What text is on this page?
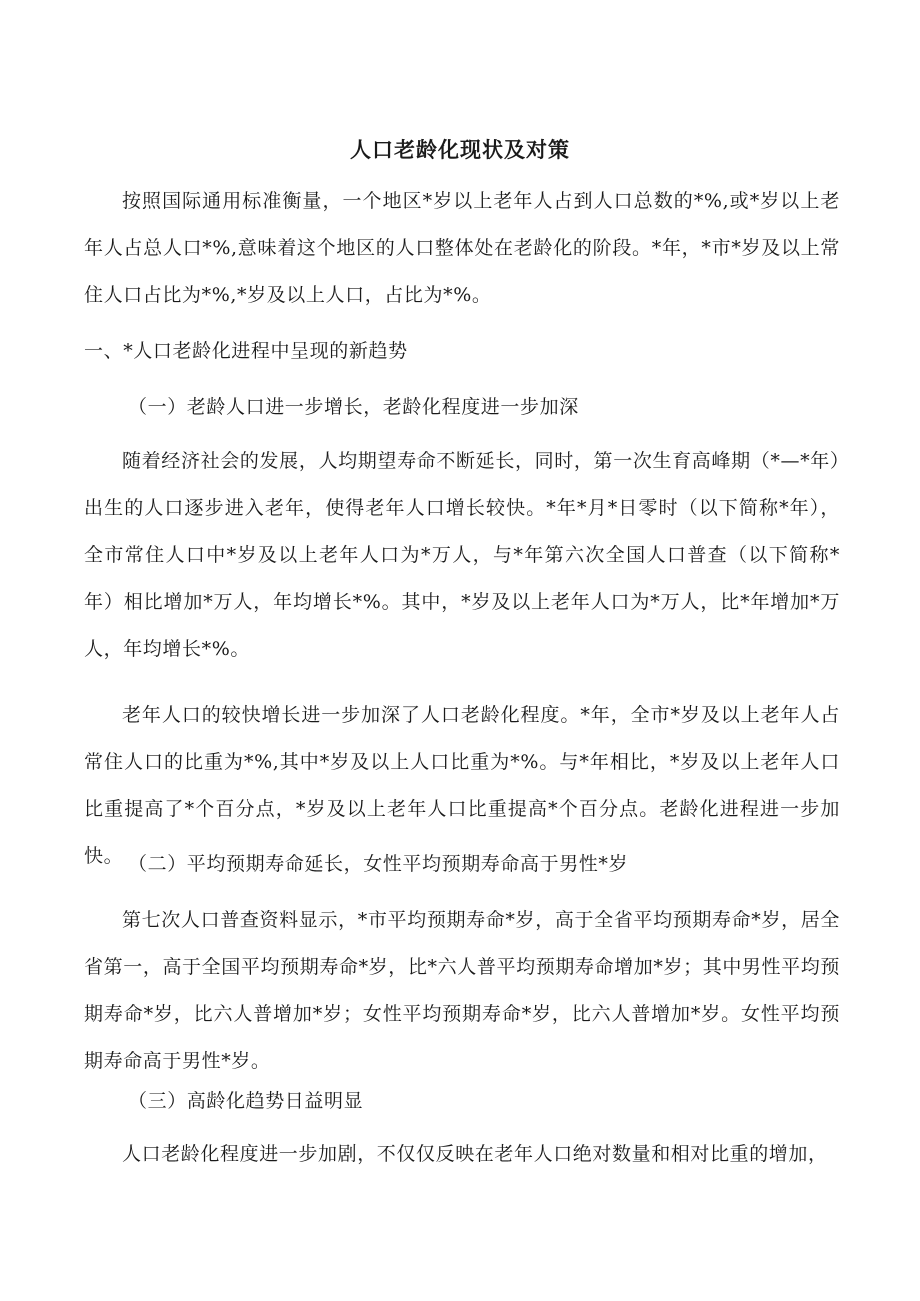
人口老龄化现状及对策

按照国际通用标准衡量，一个地区*岁以上老年人占到人口总数的*%,或*岁以上老年人占总人口*%,意味着这个地区的人口整体处在老龄化的阶段。*年，*市*岁及以上常住人口占比为*%,*岁及以上人口，占比为*%。

一、*人口老龄化进程中呈现的新趋势

（一）老龄人口进一步增长，老龄化程度进一步加深

随着经济社会的发展，人均期望寿命不断延长，同时，第一次生育高峰期（*—*年）出生的人口逐步进入老年，使得老年人口增长较快。*年*月*日零时（以下简称*年），全市常住人口中*岁及以上老年人口为*万人，与*年第六次全国人口普查（以下简称*年）相比增加*万人，年均增长*%。其中，*岁及以上老年人口为*万人，比*年增加*万人，年均增长*%。

老年人口的较快增长进一步加深了人口老龄化程度。*年，全市*岁及以上老年人占常住人口的比重为*%,其中*岁及以上人口比重为*%。与*年相比，*岁及以上老年人口比重提高了*个百分点，*岁及以上老年人口比重提高*个百分点。老龄化进程进一步加快。 （二）平均预期寿命延长，女性平均预期寿命高于男性*岁

第七次人口普查资料显示，*市平均预期寿命*岁，高于全省平均预期寿命*岁，居全省第一，高于全国平均预期寿命*岁，比*六人普平均预期寿命增加*岁；其中男性平均预期寿命*岁，比六人普增加*岁；女性平均预期寿命*岁，比六人普增加*岁。女性平均预期寿命高于男性*岁。

（三）高龄化趋势日益明显

人口老龄化程度进一步加剧，不仅仅反映在老年人口绝对数量和相对比重的增加，
